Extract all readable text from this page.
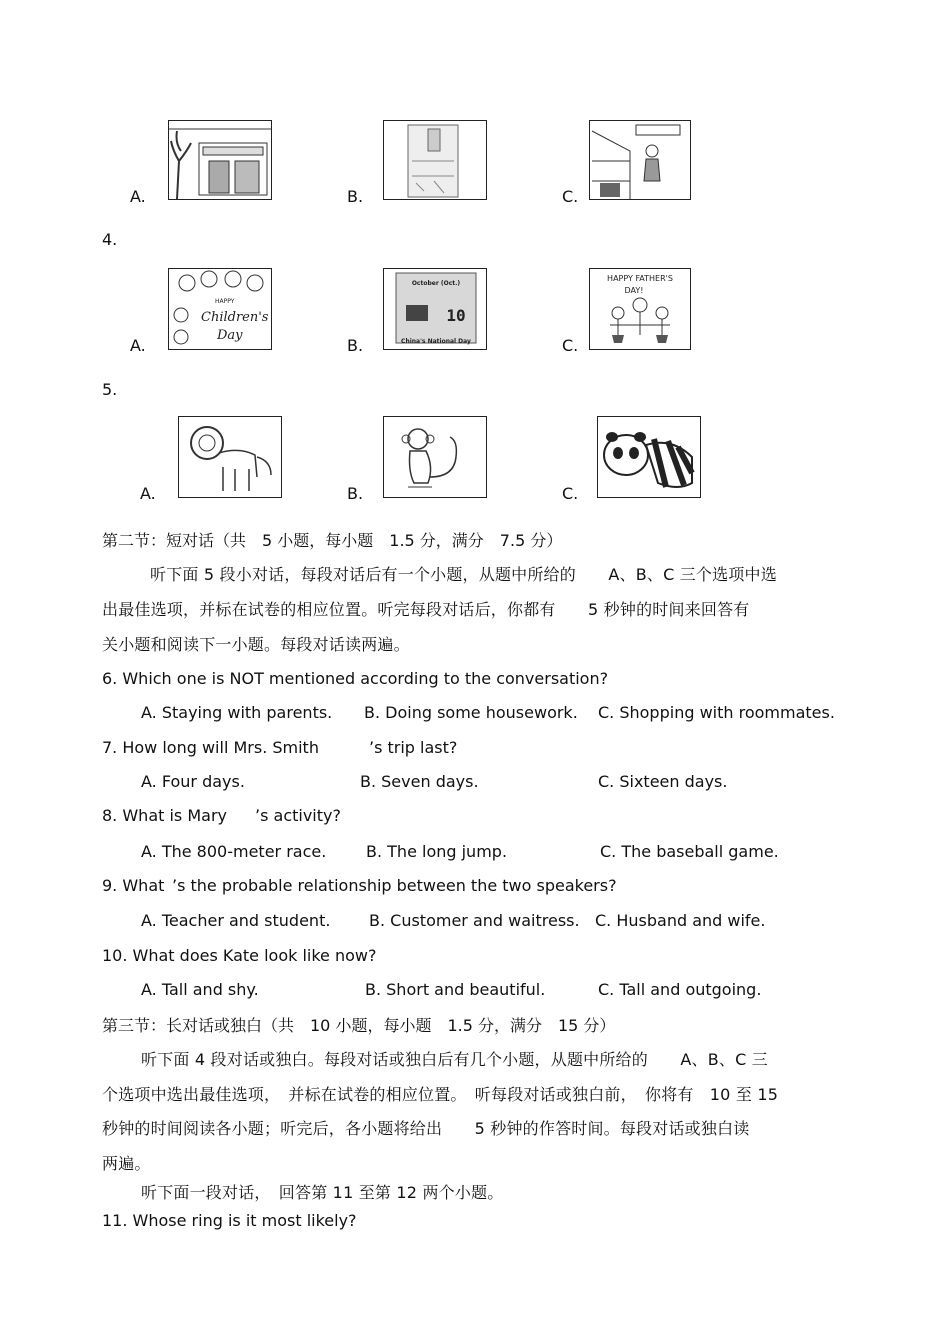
A.	B.	C.
4.
A.
HAPPY
Children's
Day
B.
October (Oct.)
10
China's National Day	C.
HAPPY FATHER'S
DAY!
5.
A.	B.	C.
第二节：短对话（共　5 小题，每小题　1.5 分，满分　7.5 分）
听下面 5 段小对话，每段对话后有一个小题，从题中所给的　　A、B、C 三个选项中选
出最佳选项，并标在试卷的相应位置。听完每段对话后，你都有　　5 秒钟的时间来回答有
关小题和阅读下一小题。每段对话读两遍。
6. Which one is NOT mentioned according to the conversation?
A. Staying with parents. B. Doing some housework. C. Shopping with roommates.
7. How long will Mrs. Smith	’s trip last?
A. Four days.	B. Seven days.	C. Sixteen days.
8. What is Mary ’s activity?
A. The 800-meter race. B. The long jump.	C. The baseball game.
9. What ’s the probable relationship between the two speakers?
A. Teacher and student. B. Customer and waitress. C. Husband and wife.
10. What does Kate look like now?
A. Tall and shy.	B. Short and beautiful.	C. Tall and outgoing.
第三节：长对话或独白（共　10 小题，每小题　1.5 分，满分　15 分）
听下面 4 段对话或独白。每段对话或独白后有几个小题，从题中所给的　　A、B、C 三
个选项中选出最佳选项，　并标在试卷的相应位置。　听每段对话或独白前，　你将有　10 至 15
秒钟的时间阅读各小题；听完后，各小题将给出　　5 秒钟的作答时间。每段对话或独白读
两遍。
听下面一段对话，　回答第 11 至第 12 两个小题。
11. Whose ring is it most likely?
